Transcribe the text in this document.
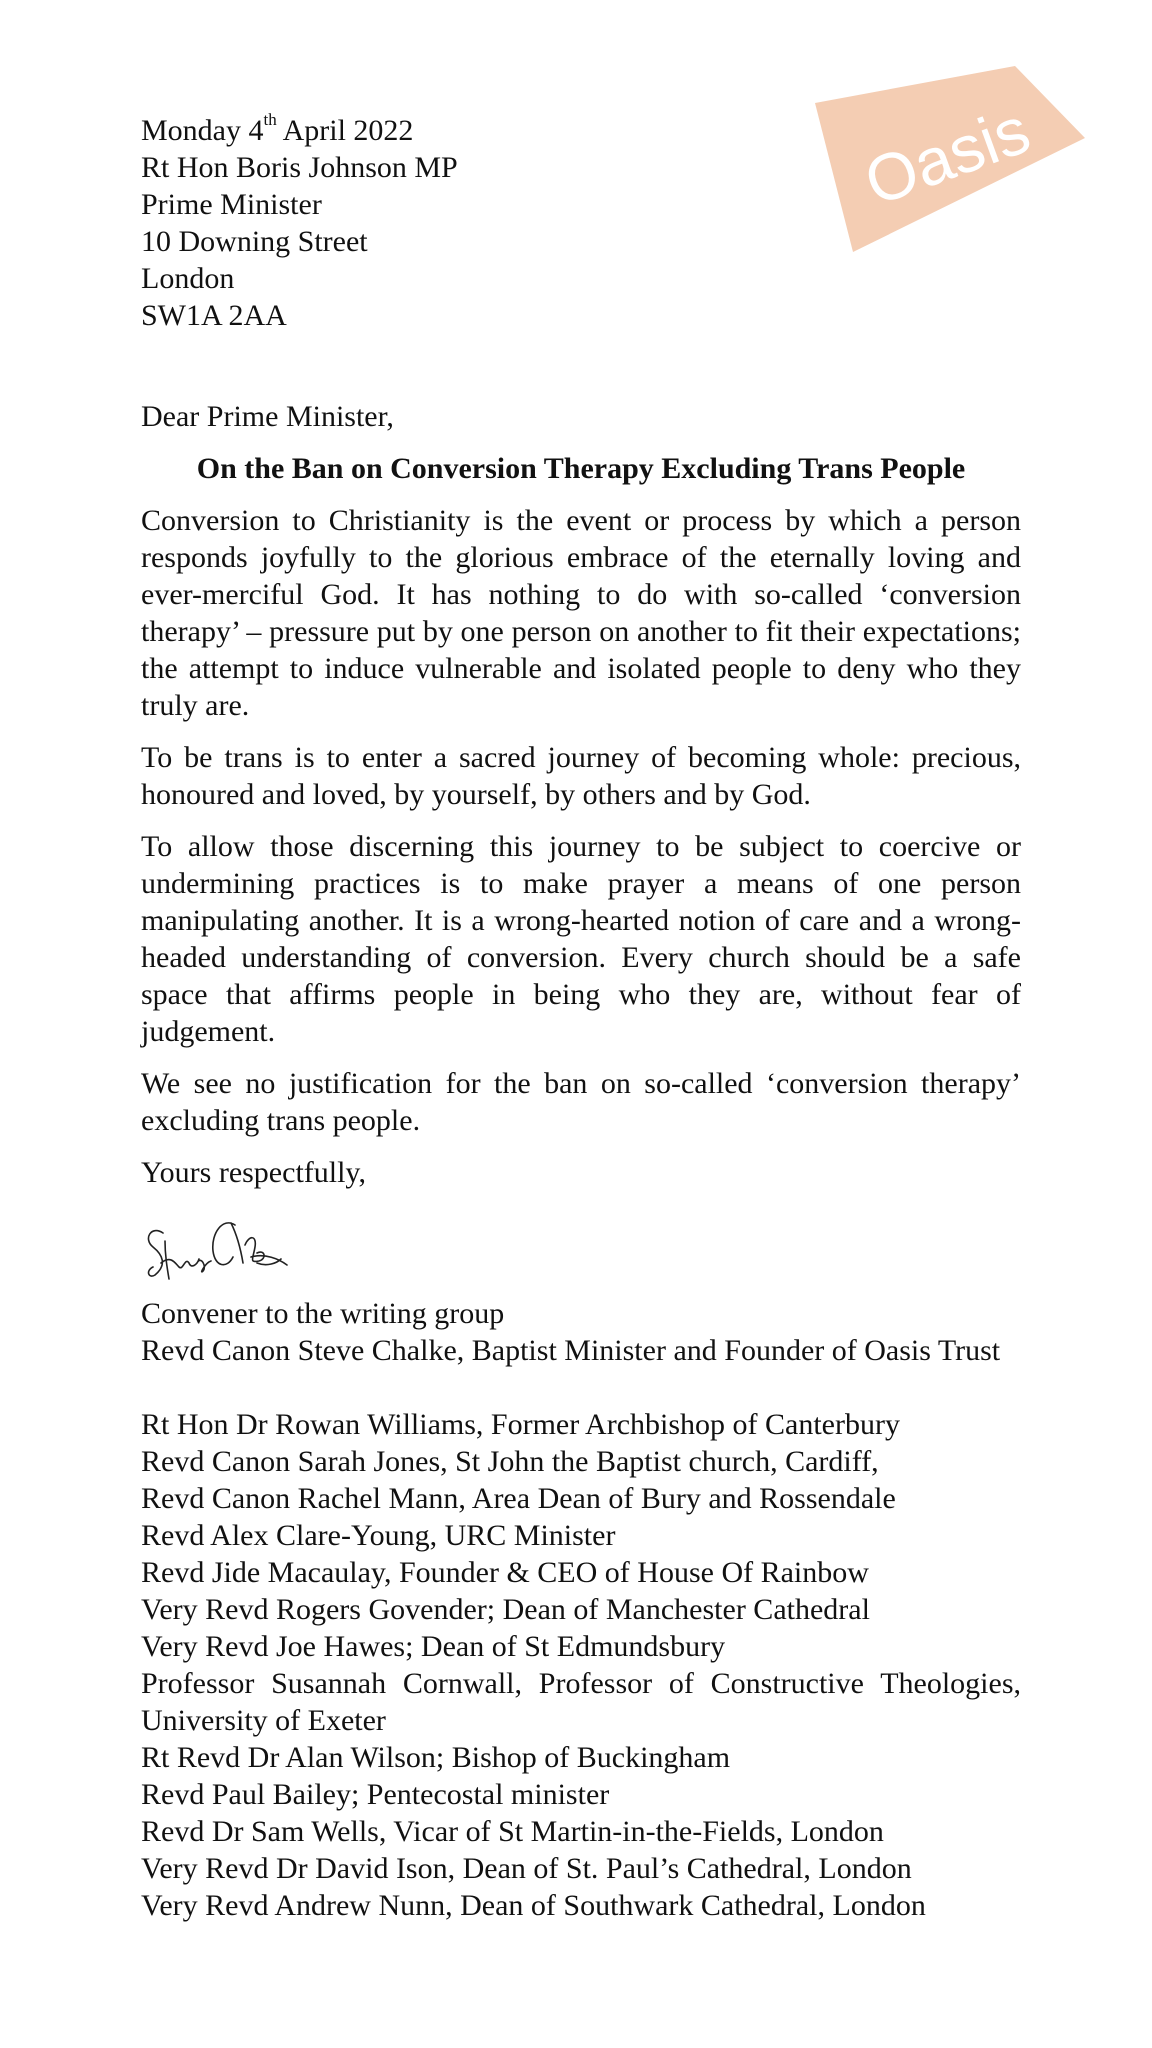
Oasis
Monday 4th April 2022
Rt Hon Boris Johnson MP
Prime Minister
10 Downing Street
London
SW1A 2AA
Dear Prime Minister,
On the Ban on Conversion Therapy Excluding Trans People

Conversion to Christianity is the event or process by which a person responds joyfully to the glorious embrace of the eternally loving and ever-merciful God. It has nothing to do with so-called ‘conversion therapy’ – pressure put by one person on another to fit their expectations; the attempt to induce vulnerable and isolated people to deny who they truly are.

To be trans is to enter a sacred journey of becoming whole: precious, honoured and loved, by yourself, by others and by God.

To allow those discerning this journey to be subject to coercive or undermining practices is to make prayer a means of one person manipulating another. It is a wrong-hearted notion of care and a wrong-headed understanding of conversion. Every church should be a safe space that affirms people in being who they are, without fear of judgement.

We see no justification for the ban on so-called ‘conversion therapy’ excluding trans people.

Yours respectfully,
Convener to the writing group
Revd Canon Steve Chalke, Baptist Minister and Founder of Oasis Trust
Rt Hon Dr Rowan Williams, Former Archbishop of Canterbury
Revd Canon Sarah Jones, St John the Baptist church, Cardiff,
Revd Canon Rachel Mann, Area Dean of Bury and Rossendale
Revd Alex Clare-Young, URC Minister
Revd Jide Macaulay, Founder & CEO of House Of Rainbow
Very Revd Rogers Govender; Dean of Manchester Cathedral
Very Revd Joe Hawes; Dean of St Edmundsbury
Professor Susannah Cornwall, Professor of Constructive Theologies, University of Exeter
Rt Revd Dr Alan Wilson; Bishop of Buckingham
Revd Paul Bailey; Pentecostal minister
Revd Dr Sam Wells, Vicar of St Martin-in-the-Fields, London
Very Revd Dr David Ison, Dean of St. Paul’s Cathedral, London
Very Revd Andrew Nunn, Dean of Southwark Cathedral, London
